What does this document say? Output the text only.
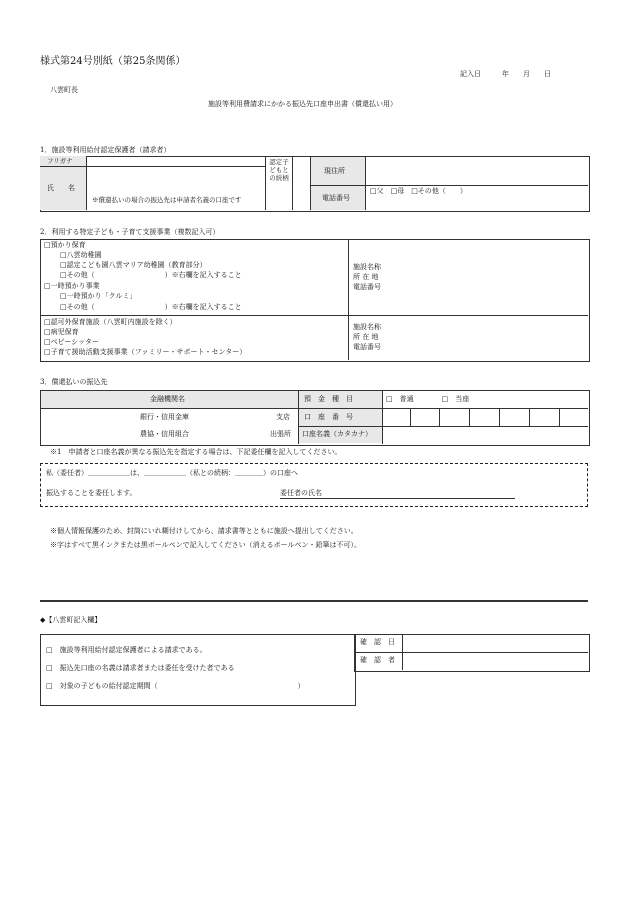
様式第24号別紙（第25条関係）
記入日　　　年　　月　　日
八雲町長
施設等利用費請求にかかる振込先口座申出書（償還払い用）
1．施設等利用給付認定保護者（請求者）
フリガナ
氏　　名
※償還払いの場合の振込先は申請者名義の口座です
認定子どもとの続柄
現住所
電話番号
□父　□母　□その他（　　）
2．利用する特定子ども・子育て支援事業（複数記入可）
□預かり保育
□八雲幼稚園
□認定こども園八雲マリア幼稚園（教育部分）
□その他（　　　　　　　　　　）※右欄を記入すること
□一時預かり事業
□一時預かり「クルミ」
□その他（　　　　　　　　　　）※右欄を記入すること
施設名称
所 在 地
電話番号
□認可外保育施設（八雲町内施設を除く）
□病児保育
□ベビーシッター
□子育て援助活動支援事業（ファミリー・サポート・センター）
施設名称
所 在 地
電話番号
3．償還払いの振込先
金融機関名
銀行・信用金庫
農協・信用組合
支店
出張所
預　金　種　目	□　普通　　　　□　当座
口　座　番　号
口座名義（カタカナ）
※1　申請者と口座名義が異なる振込先を指定する場合は、下記委任欄を記入してください。
私（委任者）＿＿＿＿＿＿は、＿＿＿＿＿＿（私との続柄：＿＿＿＿）の口座へ
振込することを委任します。	委任者の氏名
※個人情報保護のため、封筒にいれ糊付けしてから、請求書等とともに施設へ提出してください。
※字はすべて黒インクまたは黒ボールペンで記入してください（消えるボールペン・鉛筆は不可）。
◆【八雲町記入欄】
□　施設等利用給付認定保護者による請求である。
□　振込先口座の名義は請求者または委任を受けた者である
□　対象の子どもの給付認定期間（　　　　　　　　　　　　　　　　　　　　）
確　認　日
確　認　者
